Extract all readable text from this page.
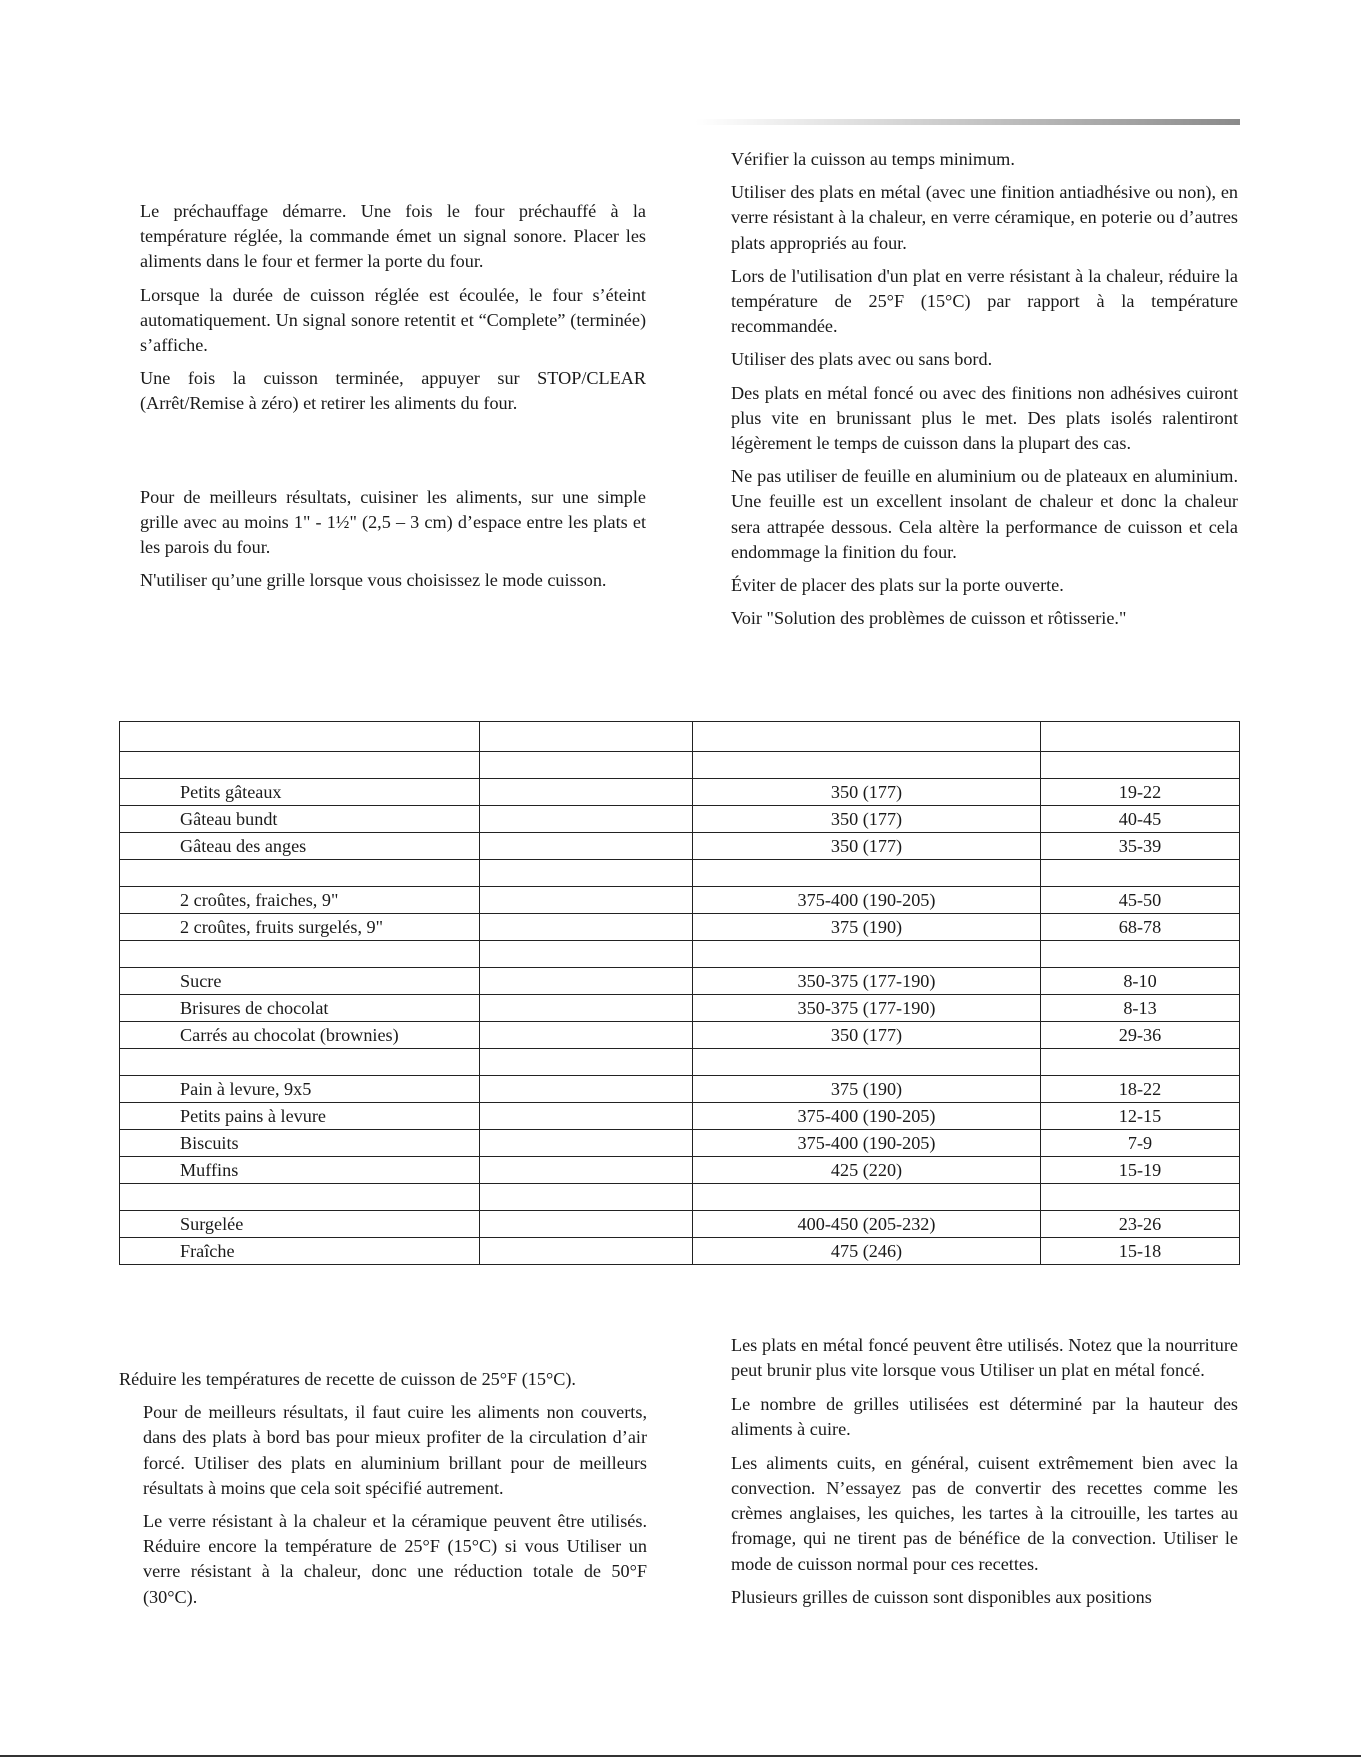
Le préchauffage démarre. Une fois le four préchauffé à la température réglée, la commande émet un signal sonore. Placer les aliments dans le four et fermer la porte du four.

Lorsque la durée de cuisson réglée est écoulée, le four s’éteint automatiquement. Un signal sonore retentit et “Complete” (terminée) s’affiche.

Une fois la cuisson terminée, appuyer sur STOP/CLEAR (Arrêt/Remise à zéro) et retirer les aliments du four.

Pour de meilleurs résultats, cuisiner les aliments, sur une simple grille avec au moins 1" - 1½" (2,5 – 3 cm) d’espace entre les plats et les parois du four.

N'utiliser qu’une grille lorsque vous choisissez le mode cuisson.

Vérifier la cuisson au temps minimum.

Utiliser des plats en métal (avec une finition antiadhésive ou non), en verre résistant à la chaleur, en verre céramique, en poterie ou d’autres plats appropriés au four.

Lors de l'utilisation d'un plat en verre résistant à la chaleur, réduire la température de 25°F (15°C) par rapport à la température recommandée.

Utiliser des plats avec ou sans bord.

Des plats en métal foncé ou avec des finitions non adhésives cuiront plus vite en brunissant plus le met. Des plats isolés ralentiront légèrement le temps de cuisson dans la plupart des cas.

Ne pas utiliser de feuille en aluminium ou de plateaux en aluminium. Une feuille est un excellent insolant de chaleur et donc la chaleur sera attrapée dessous. Cela altère la performance de cuisson et cela endommage la finition du four.

Éviter de placer des plats sur la porte ouverte.

Voir "Solution des problèmes de cuisson et rôtisserie."

Petits gâteaux		350 (177)	19-22
Gâteau bundt		350 (177)	40-45
Gâteau des anges		350 (177)	35-39

2 croûtes, fraiches, 9"		375-400 (190-205)	45-50
2 croûtes, fruits surgelés, 9"		375 (190)	68-78

Sucre		350-375 (177-190)	8-10
Brisures de chocolat		350-375 (177-190)	8-13
Carrés au chocolat (brownies)		350 (177)	29-36

Pain à levure, 9x5		375 (190)	18-22
Petits pains à levure		375-400 (190-205)	12-15
Biscuits		375-400 (190-205)	7-9
Muffins		425 (220)	15-19

Surgelée		400-450 (205-232)	23-26
Fraîche		475 (246)	15-18

Réduire les températures de recette de cuisson de 25°F (15°C).

Pour de meilleurs résultats, il faut cuire les aliments non couverts, dans des plats à bord bas pour mieux profiter de la circulation d’air forcé. Utiliser des plats en aluminium brillant pour de meilleurs résultats à moins que cela soit spécifié autrement.

Le verre résistant à la chaleur et la céramique peuvent être utilisés. Réduire encore la température de 25°F (15°C) si vous Utiliser un verre résistant à la chaleur, donc une réduction totale de 50°F (30°C).

Les plats en métal foncé peuvent être utilisés. Notez que la nourriture peut brunir plus vite lorsque vous Utiliser un plat en métal foncé.

Le nombre de grilles utilisées est déterminé par la hauteur des aliments à cuire.

Les aliments cuits, en général, cuisent extrêmement bien avec la convection. N’essayez pas de convertir des recettes comme les crèmes anglaises, les quiches, les tartes à la citrouille, les tartes au fromage, qui ne tirent pas de bénéfice de la convection. Utiliser le mode de cuisson normal pour ces recettes.

Plusieurs grilles de cuisson sont disponibles aux positions
